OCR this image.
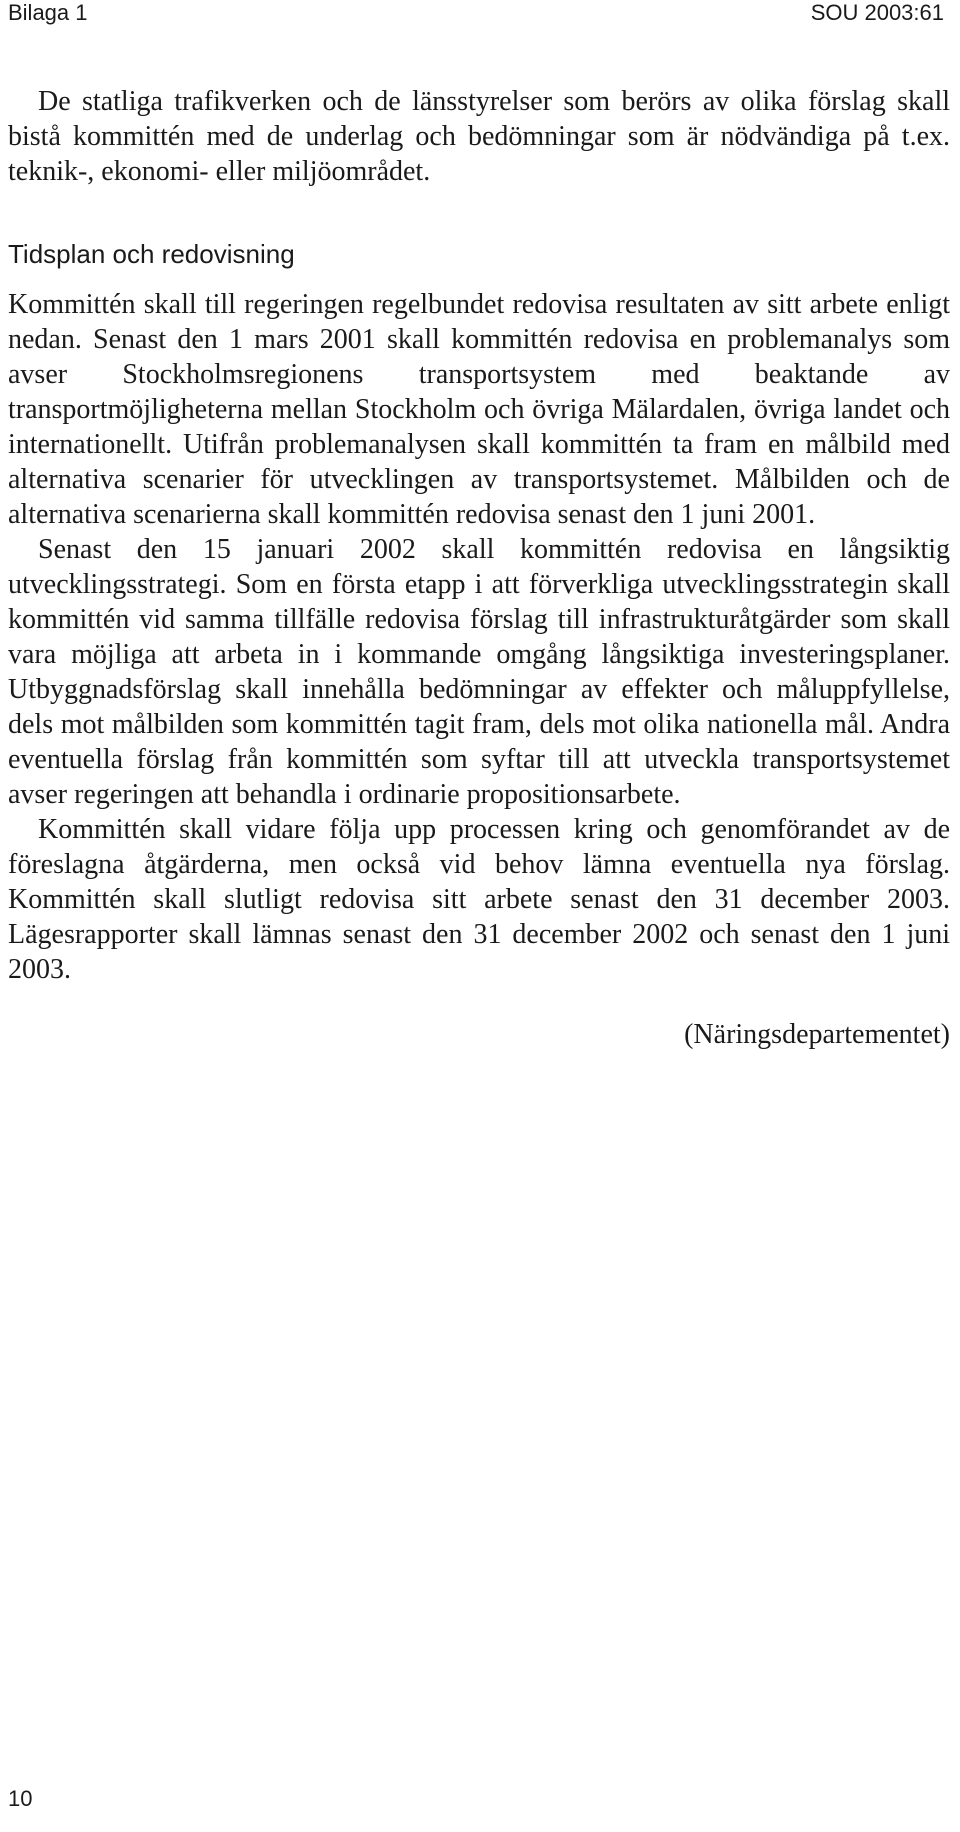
Bilaga 1	SOU 2003:61

De statliga trafikverken och de länsstyrelser som berörs av olika förslag skall bistå kommittén med de underlag och bedömningar som är nödvändiga på t.ex. teknik-, ekonomi- eller miljöområdet.

Tidsplan och redovisning

Kommittén skall till regeringen regelbundet redovisa resultaten av sitt arbete enligt nedan. Senast den 1 mars 2001 skall kommittén redovisa en problemanalys som avser Stockholmsregionens transportsystem med beaktande av transportmöjligheterna mellan Stockholm och övriga Mälardalen, övriga landet och internationellt. Utifrån problemanalysen skall kommittén ta fram en målbild med alternativa scenarier för utvecklingen av transportsystemet. Målbilden och de alternativa scenarierna skall kommittén redovisa senast den 1 juni 2001.

Senast den 15 januari 2002 skall kommittén redovisa en långsiktig utvecklingsstrategi. Som en första etapp i att förverkliga utvecklingsstrategin skall kommittén vid samma tillfälle redovisa förslag till infrastrukturåtgärder som skall vara möjliga att arbeta in i kommande omgång långsiktiga investeringsplaner. Utbyggnadsförslag skall innehålla bedömningar av effekter och måluppfyllelse, dels mot målbilden som kommittén tagit fram, dels mot olika nationella mål. Andra eventuella förslag från kommittén som syftar till att utveckla transportsystemet avser regeringen att behandla i ordinarie propositionsarbete.

Kommittén skall vidare följa upp processen kring och genomförandet av de föreslagna åtgärderna, men också vid behov lämna eventuella nya förslag. Kommittén skall slutligt redovisa sitt arbete senast den 31 december 2003. Lägesrapporter skall lämnas senast den 31 december 2002 och senast den 1 juni 2003.

(Näringsdepartementet)

10
